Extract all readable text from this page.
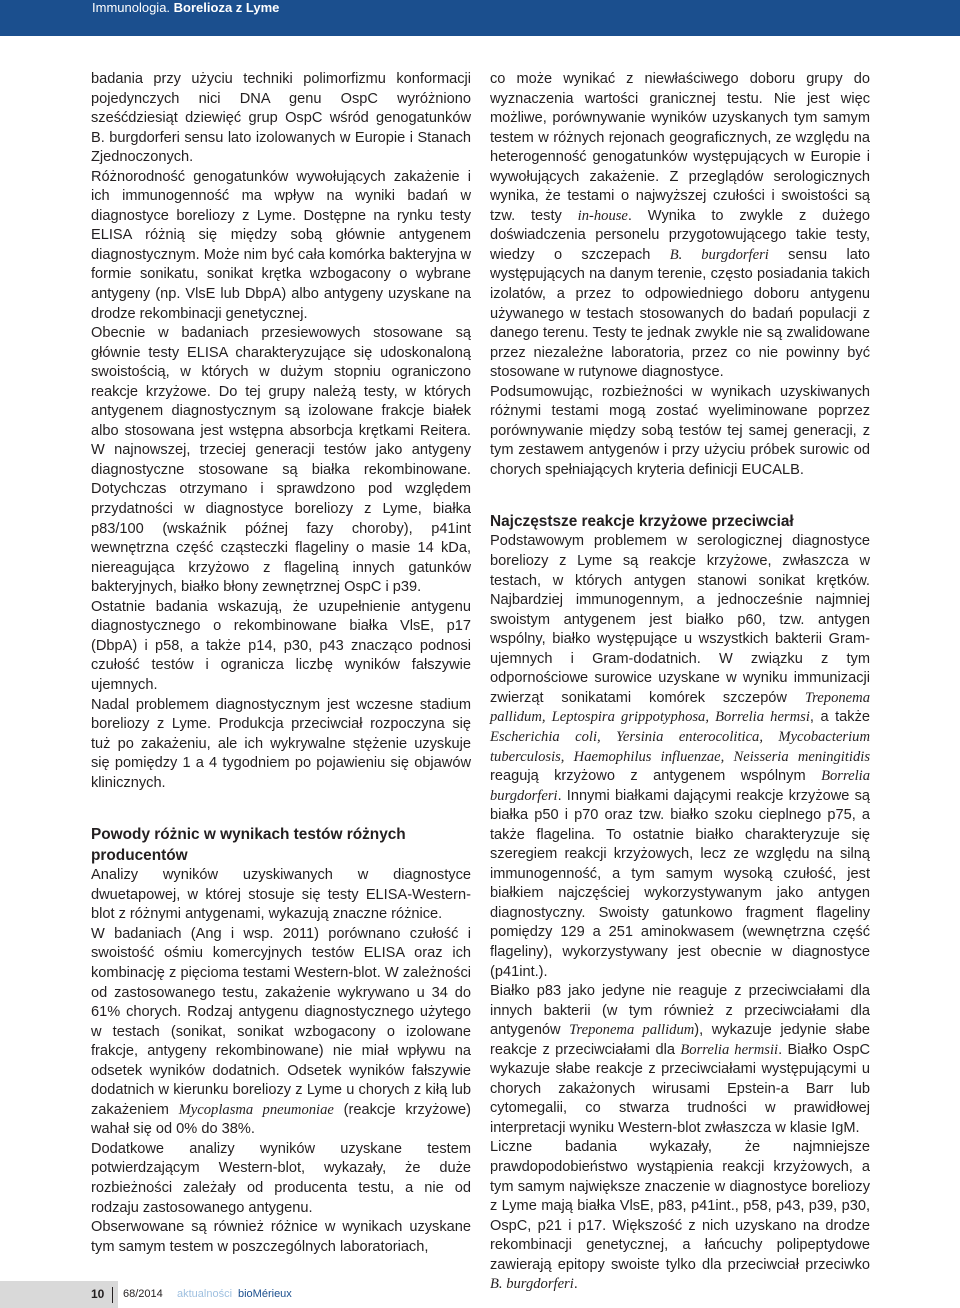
Immunologia. Borelioza z Lyme

badania przy użyciu techniki polimorfizmu konformacji pojedynczych nici DNA genu OspC wyróżniono sześćdziesiąt dziewięć grup OspC wśród genogatunków B. burgdorferi sensu lato izolowanych w Europie i Stanach Zjednoczonych.

Różnorodność genogatunków wywołujących zakażenie i ich immunogenność ma wpływ na wyniki badań w diagnostyce boreliozy z Lyme. Dostępne na rynku testy ELISA różnią się między sobą głównie antygenem diagnostycznym. Może nim być cała komórka bakteryjna w formie sonikatu, sonikat krętka wzbogacony o wybrane antygeny (np. VlsE lub DbpA) albo antygeny uzyskane na drodze rekombinacji genetycznej.

Obecnie w badaniach przesiewowych stosowane są głównie testy ELISA charakteryzujące się udoskonaloną swoistością, w których w dużym stopniu ograniczono reakcje krzyżowe. Do tej grupy należą testy, w których antygenem diagnostycznym są izolowane frakcje białek albo stosowana jest wstępna absorbcja krętkami Reitera. W najnowszej, trzeciej generacji testów jako antygeny diagnostyczne stosowane są białka rekombinowane. Dotychczas otrzymano i sprawdzono pod względem przydatności w diagnostyce boreliozy z Lyme, białka p83/100 (wskaźnik późnej fazy choroby), p41int wewnętrzna część cząsteczki flageliny o masie 14 kDa, niereagująca krzyżowo z flageliną innych gatunków bakteryjnych, białko błony zewnętrznej OspC i p39.

Ostatnie badania wskazują, że uzupełnienie antygenu diagnostycznego o rekombinowane białka VlsE, p17 (DbpA) i p58, a także p14, p30, p43 znacząco podnosi czułość testów i ogranicza liczbę wyników fałszywie ujemnych.

Nadal problemem diagnostycznym jest wczesne stadium boreliozy z Lyme. Produkcja przeciwciał rozpoczyna się tuż po zakażeniu, ale ich wykrywalne stężenie uzyskuje się pomiędzy 1 a 4 tygodniem po pojawieniu się objawów klinicznych.

Powody różnic w wynikach testów różnych producentów

Analizy wyników uzyskiwanych w diagnostyce dwuetapowej, w której stosuje się testy ELISA-Western-blot z różnymi antygenami, wykazują znaczne różnice.

W badaniach (Ang i wsp. 2011) porównano czułość i swoistość ośmiu komercyjnych testów ELISA oraz ich kombinację z pięcioma testami Western-blot. W zależności od zastosowanego testu, zakażenie wykrywano u 34 do 61% chorych. Rodzaj antygenu diagnostycznego użytego w testach (sonikat, sonikat wzbogacony o izolowane frakcje, antygeny rekombinowane) nie miał wpływu na odsetek wyników dodatnich. Odsetek wyników fałszywie dodatnich w kierunku boreliozy z Lyme u chorych z kiłą lub zakażeniem Mycoplasma pneumoniae (reakcje krzyżowe) wahał się od 0% do 38%.

Dodatkowe analizy wyników uzyskane testem potwierdzającym Western-blot, wykazały, że duże rozbieżności zależały od producenta testu, a nie od rodzaju zastosowanego antygenu.

Obserwowane są również różnice w wynikach uzyskane tym samym testem w poszczególnych laboratoriach,

co może wynikać z niewłaściwego doboru grupy do wyznaczenia wartości granicznej testu. Nie jest więc możliwe, porównywanie wyników uzyskanych tym samym testem w różnych rejonach geograficznych, ze względu na heterogenność genogatunków występujących w Europie i wywołujących zakażenie. Z przeglądów serologicznych wynika, że testami o najwyższej czułości i swoistości są tzw. testy in-house. Wynika to zwykle z dużego doświadczenia personelu przygotowującego takie testy, wiedzy o szczepach B. burgdorferi sensu lato występujących na danym terenie, często posiadania takich izolatów, a przez to odpowiedniego doboru antygenu używanego w testach stosowanych do badań populacji z danego terenu. Testy te jednak zwykle nie są zwalidowane przez niezależne laboratoria, przez co nie powinny być stosowane w rutynowe diagnostyce.

Podsumowując, rozbieżności w wynikach uzyskiwanych różnymi testami mogą zostać wyeliminowane poprzez porównywanie między sobą testów tej samej generacji, z tym zestawem antygenów i przy użyciu próbek surowic od chorych spełniających kryteria definicji EUCALB.

Najczęstsze reakcje krzyżowe przeciwciał

Podstawowym problemem w serologicznej diagnostyce boreliozy z Lyme są reakcje krzyżowe, zwłaszcza w testach, w których antygen stanowi sonikat krętków. Najbardziej immunogennym, a jednocześnie najmniej swoistym antygenem jest białko p60, tzw. antygen wspólny, białko występujące u wszystkich bakterii Gram-ujemnych i Gram-dodatnich. W związku z tym odpornościowe surowice uzyskane w wyniku immunizacji zwierząt sonikatami komórek szczepów Treponema pallidum, Leptospira grippotyphosa, Borrelia hermsi, a także Escherichia coli, Yersinia enterocolitica, Mycobacterium tuberculosis, Haemophilus influenzae, Neisseria meningitidis reagują krzyżowo z antygenem wspólnym Borrelia burgdorferi. Innymi białkami dającymi reakcje krzyżowe są białka p50 i p70 oraz tzw. białko szoku cieplnego p75, a także flagelina. To ostatnie białko charakteryzuje się szeregiem reakcji krzyżowych, lecz ze względu na silną immunogenność, a tym samym wysoką czułość, jest białkiem najczęściej wykorzystywanym jako antygen diagnostyczny. Swoisty gatunkowo fragment flageliny pomiędzy 129 a 251 aminokwasem (wewnętrzna część flageliny), wykorzystywany jest obecnie w diagnostyce (p41int.).

Białko p83 jako jedyne nie reaguje z przeciwciałami dla innych bakterii (w tym również z przeciwciałami dla antygenów Treponema pallidum), wykazuje jedynie słabe reakcje z przeciwciałami dla Borrelia hermsii. Białko OspC wykazuje słabe reakcje z przeciwciałami występującymi u chorych zakażonych wirusami Epstein-a Barr lub cytomegalii, co stwarza trudności w prawidłowej interpretacji wyniku Western-blot zwłaszcza w klasie IgM.

Liczne badania wykazały, że najmniejsze prawdopodobieństwo wystąpienia reakcji krzyżowych, a tym samym największe znaczenie w diagnostyce boreliozy z Lyme mają białka VlsE, p83, p41int., p58, p43, p39, p30, OspC, p21 i p17. Większość z nich uzyskano na drodze rekombinacji genetycznej, a łańcuchy polipeptydowe zawierają epitopy swoiste tylko dla przeciwciał przeciwko B. burgdorferi.

10 68/2014 aktualności bioMérieux
